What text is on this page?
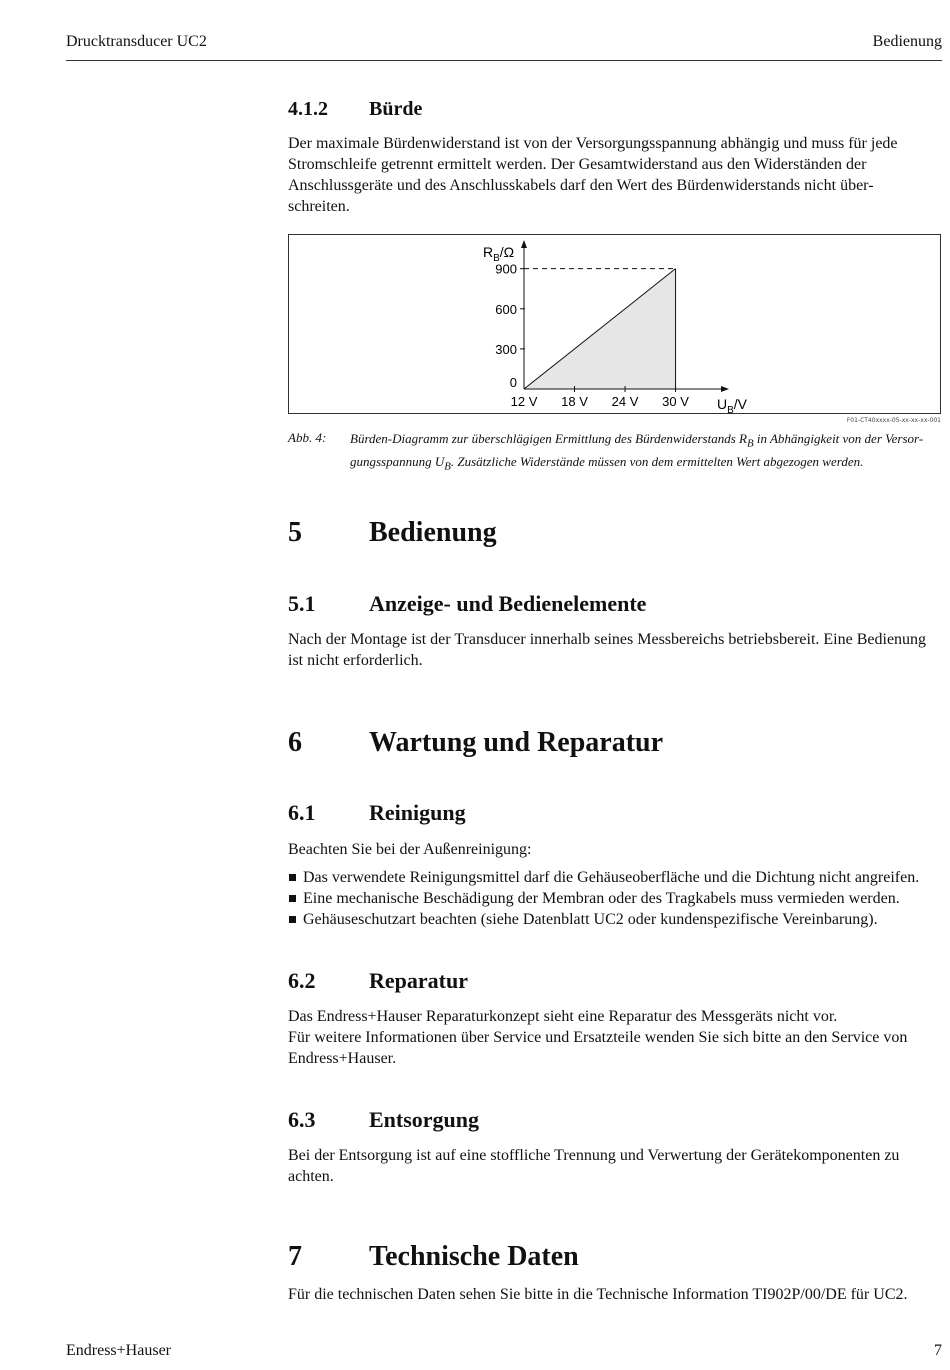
Drucktransducer UC2	Bedienung
4.1.2 Bürde
Der maximale Bürdenwiderstand ist von der Versorgungsspannung abhängig und muss für jede
Stromschleife getrennt ermittelt werden. Der Gesamtwiderstand aus den Widerständen der
Anschlussgeräte und des Anschlusskabels darf den Wert des Bürdenwiderstands nicht über-
schreiten.
0
300
600
900
12 V 18 V 24 V 30 V
$R_B/\Omega$
$U_B/V$
F01-CT40xxxx-05-xx-xx-xx-001
Abb. 4: Bürden-Diagramm zur überschlägigen Ermittlung des Bürdenwiderstands $R_B$ in Abhängigkeit von der Versor-
gungsspannung $U_B$. Zusätzliche Widerstände müssen von dem ermittelten Wert abgezogen werden.
5 Bedienung
5.1 Anzeige- und Bedienelemente
Nach der Montage ist der Transducer innerhalb seines Messbereichs betriebsbereit. Eine Bedienung
ist nicht erforderlich.
6 Wartung und Reparatur
6.1 Reinigung
Beachten Sie bei der Außenreinigung:
Das verwendete Reinigungsmittel darf die Gehäuseoberfläche und die Dichtung nicht angreifen.
Eine mechanische Beschädigung der Membran oder des Tragkabels muss vermieden werden.
Gehäuseschutzart beachten (siehe Datenblatt UC2 oder kundenspezifische Vereinbarung).
6.2 Reparatur
Das Endress+Hauser Reparaturkonzept sieht eine Reparatur des Messgeräts nicht vor.
Für weitere Informationen über Service und Ersatzteile wenden Sie sich bitte an den Service von
Endress+Hauser.
6.3 Entsorgung
Bei der Entsorgung ist auf eine stoffliche Trennung und Verwertung der Gerätekomponenten zu
achten.
7 Technische Daten
Für die technischen Daten sehen Sie bitte in die Technische Information TI902P/00/DE für UC2.
Endress+Hauser	7
